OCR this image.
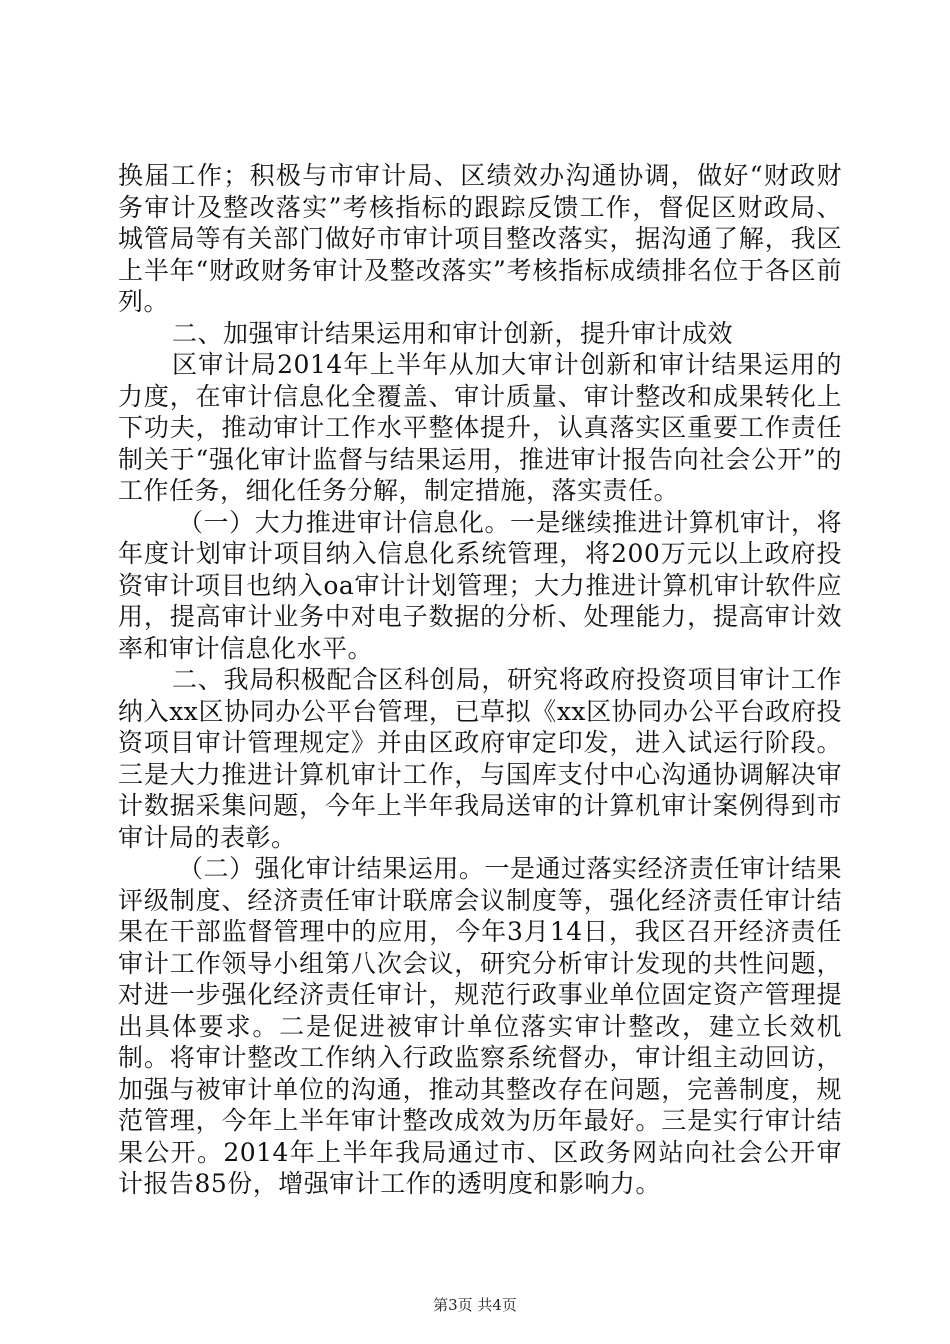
换届工作；积极与市审计局、区绩效办沟通协调，做好“财政财务审计及整改落实”考核指标的跟踪反馈工作，督促区财政局、城管局等有关部门做好市审计项目整改落实，据沟通了解，我区上半年“财政财务审计及整改落实”考核指标成绩排名位于各区前列。

二、加强审计结果运用和审计创新，提升审计成效

区审计局2014年上半年从加大审计创新和审计结果运用的力度，在审计信息化全覆盖、审计质量、审计整改和成果转化上下功夫，推动审计工作水平整体提升，认真落实区重要工作责任制关于“强化审计监督与结果运用，推进审计报告向社会公开”的工作任务，细化任务分解，制定措施，落实责任。

（一）大力推进审计信息化。一是继续推进计算机审计，将年度计划审计项目纳入信息化系统管理，将200万元以上政府投资审计项目也纳入oa审计计划管理；大力推进计算机审计软件应用，提高审计业务中对电子数据的分析、处理能力，提高审计效率和审计信息化水平。

二、我局积极配合区科创局，研究将政府投资项目审计工作纳入xx区协同办公平台管理，已草拟《xx区协同办公平台政府投资项目审计管理规定》并由区政府审定印发，进入试运行阶段。三是大力推进计算机审计工作，与国库支付中心沟通协调解决审计数据采集问题，今年上半年我局送审的计算机审计案例得到市审计局的表彰。

（二）强化审计结果运用。一是通过落实经济责任审计结果评级制度、经济责任审计联席会议制度等，强化经济责任审计结果在干部监督管理中的应用，今年3月14日，我区召开经济责任审计工作领导小组第八次会议，研究分析审计发现的共性问题，对进一步强化经济责任审计，规范行政事业单位固定资产管理提出具体要求。二是促进被审计单位落实审计整改，建立长效机制。将审计整改工作纳入行政监察系统督办，审计组主动回访，加强与被审计单位的沟通，推动其整改存在问题，完善制度，规范管理，今年上半年审计整改成效为历年最好。三是实行审计结果公开。2014年上半年我局通过市、区政务网站向社会公开审计报告85份，增强审计工作的透明度和影响力。

第3页 共4页
